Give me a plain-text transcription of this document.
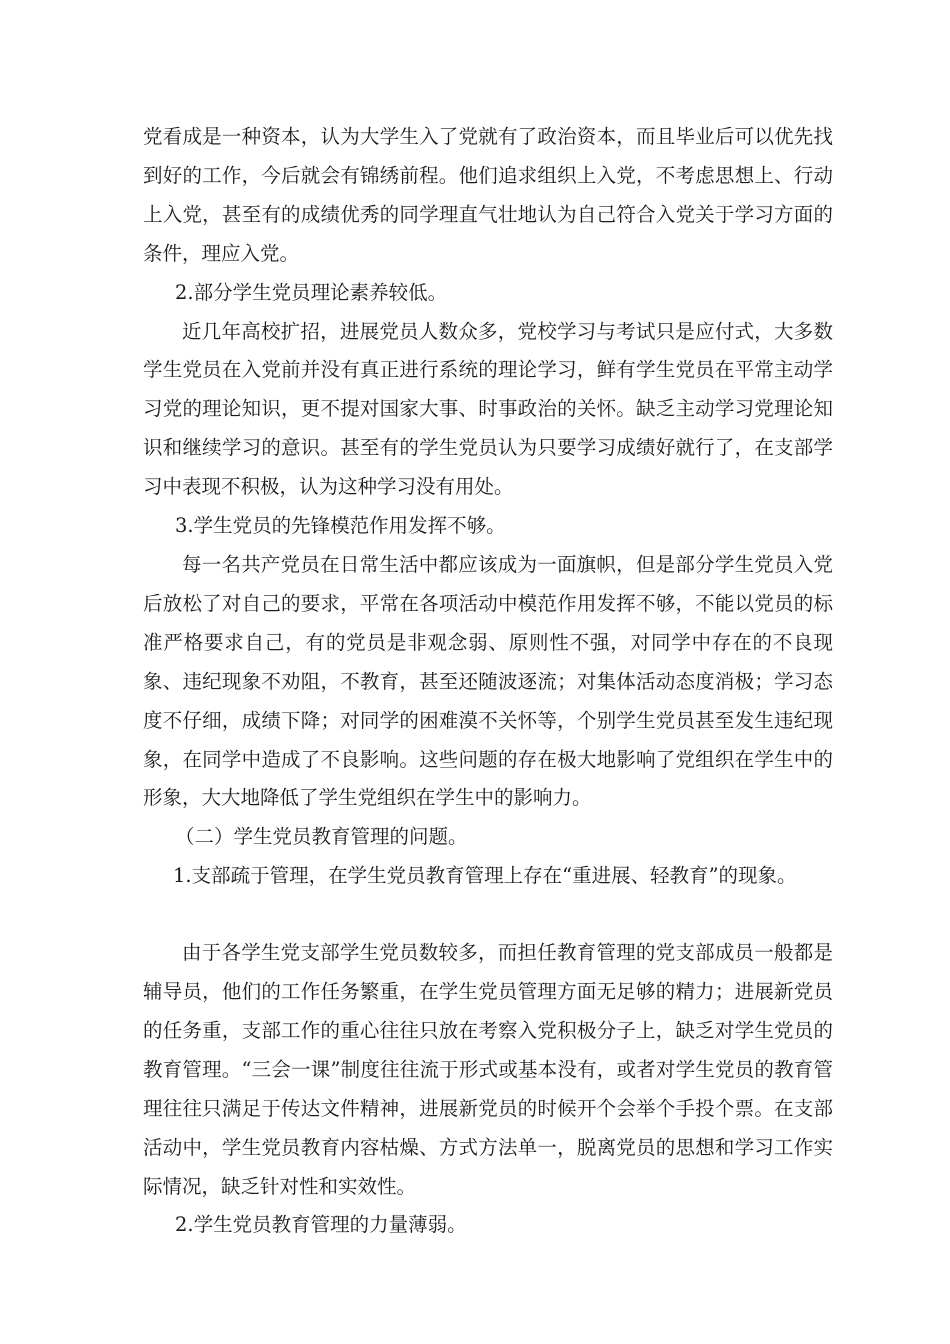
党看成是一种资本，认为大学生入了党就有了政治资本，而且毕业后可以优先找到好的工作，今后就会有锦绣前程。他们追求组织上入党，不考虑思想上、行动上入党，甚至有的成绩优秀的同学理直气壮地认为自己符合入党关于学习方面的条件，理应入党。

2.部分学生党员理论素养较低。

近几年高校扩招，进展党员人数众多，党校学习与考试只是应付式，大多数学生党员在入党前并没有真正进行系统的理论学习，鲜有学生党员在平常主动学习党的理论知识，更不提对国家大事、时事政治的关怀。缺乏主动学习党理论知识和继续学习的意识。甚至有的学生党员认为只要学习成绩好就行了，在支部学习中表现不积极，认为这种学习没有用处。

3.学生党员的先锋模范作用发挥不够。

每一名共产党员在日常生活中都应该成为一面旗帜，但是部分学生党员入党后放松了对自己的要求，平常在各项活动中模范作用发挥不够，不能以党员的标准严格要求自己，有的党员是非观念弱、原则性不强，对同学中存在的不良现象、违纪现象不劝阻，不教育，甚至还随波逐流；对集体活动态度消极；学习态度不仔细，成绩下降；对同学的困难漠不关怀等，个别学生党员甚至发生违纪现象，在同学中造成了不良影响。这些问题的存在极大地影响了党组织在学生中的形象，大大地降低了学生党组织在学生中的影响力。

（二）学生党员教育管理的问题。

1.支部疏于管理，在学生党员教育管理上存在“重进展、轻教育”的现象。

由于各学生党支部学生党员数较多，而担任教育管理的党支部成员一般都是辅导员，他们的工作任务繁重，在学生党员管理方面无足够的精力；进展新党员的任务重，支部工作的重心往往只放在考察入党积极分子上，缺乏对学生党员的教育管理。“三会一课”制度往往流于形式或基本没有，或者对学生党员的教育管理往往只满足于传达文件精神，进展新党员的时候开个会举个手投个票。在支部活动中，学生党员教育内容枯燥、方式方法单一，脱离党员的思想和学习工作实际情况，缺乏针对性和实效性。

2.学生党员教育管理的力量薄弱。
